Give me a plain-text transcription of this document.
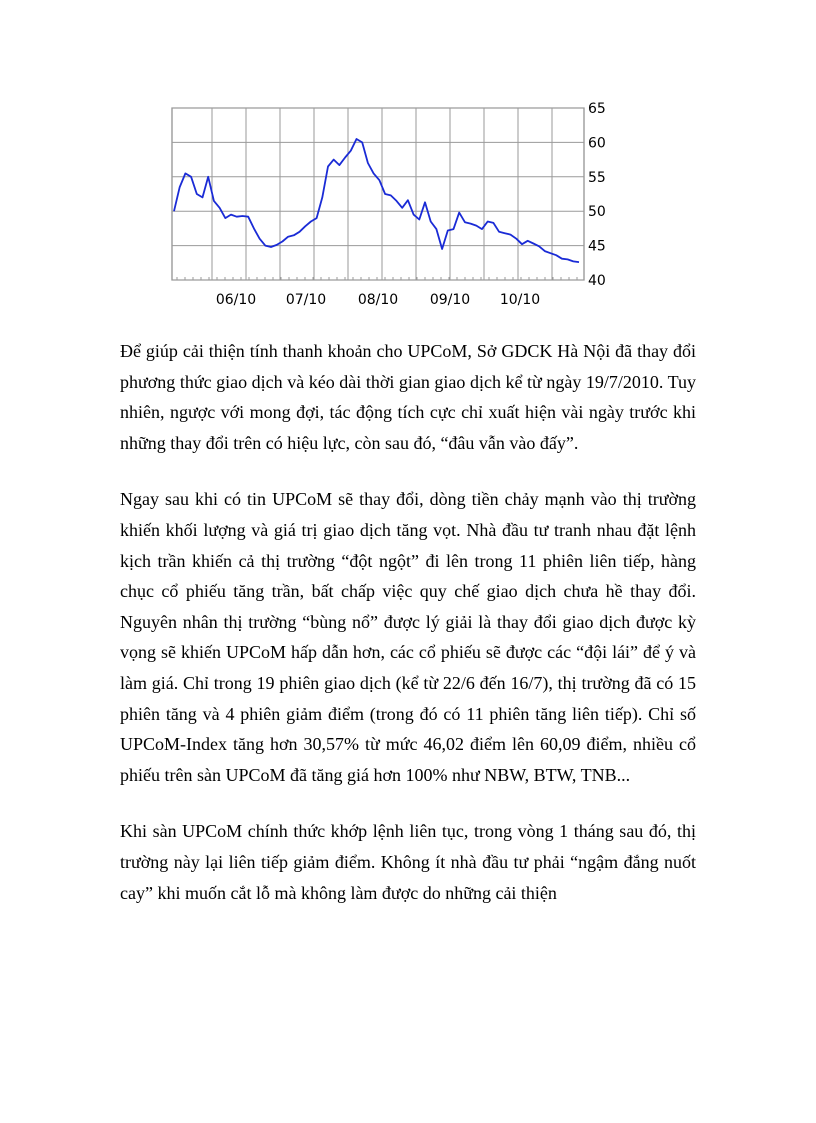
40
45
50
55
60
65
06/10 07/10 08/10 09/10 10/10

Để giúp cải thiện tính thanh khoản cho UPCoM, Sở GDCK Hà Nội đã thay đổi phương thức giao dịch và kéo dài thời gian giao dịch kể từ ngày 19/7/2010. Tuy nhiên, ngược với mong đợi, tác động tích cực chỉ xuất hiện vài ngày trước khi những thay đổi trên có hiệu lực, còn sau đó, “đâu vẫn vào đấy”.

Ngay sau khi có tin UPCoM sẽ thay đổi, dòng tiền chảy mạnh vào thị trường khiến khối lượng và giá trị giao dịch tăng vọt. Nhà đầu tư tranh nhau đặt lệnh kịch trần khiến cả thị trường “đột ngột” đi lên trong 11 phiên liên tiếp, hàng chục cổ phiếu tăng trần, bất chấp việc quy chế giao dịch chưa hề thay đổi. Nguyên nhân thị trường “bùng nổ” được lý giải là thay đổi giao dịch được kỳ vọng sẽ khiến UPCoM hấp dẫn hơn, các cổ phiếu sẽ được các “đội lái” để ý và làm giá. Chỉ trong 19 phiên giao dịch (kể từ 22/6 đến 16/7), thị trường đã có 15 phiên tăng và 4 phiên giảm điểm (trong đó có 11 phiên tăng liên tiếp). Chỉ số UPCoM-Index tăng hơn 30,57% từ mức 46,02 điểm lên 60,09 điểm, nhiều cổ phiếu trên sàn UPCoM đã tăng giá hơn 100% như NBW, BTW, TNB...

Khi sàn UPCoM chính thức khớp lệnh liên tục, trong vòng 1 tháng sau đó, thị trường này lại liên tiếp giảm điểm. Không ít nhà đầu tư phải “ngậm đắng nuốt cay” khi muốn cắt lỗ mà không làm được do những cải thiện
